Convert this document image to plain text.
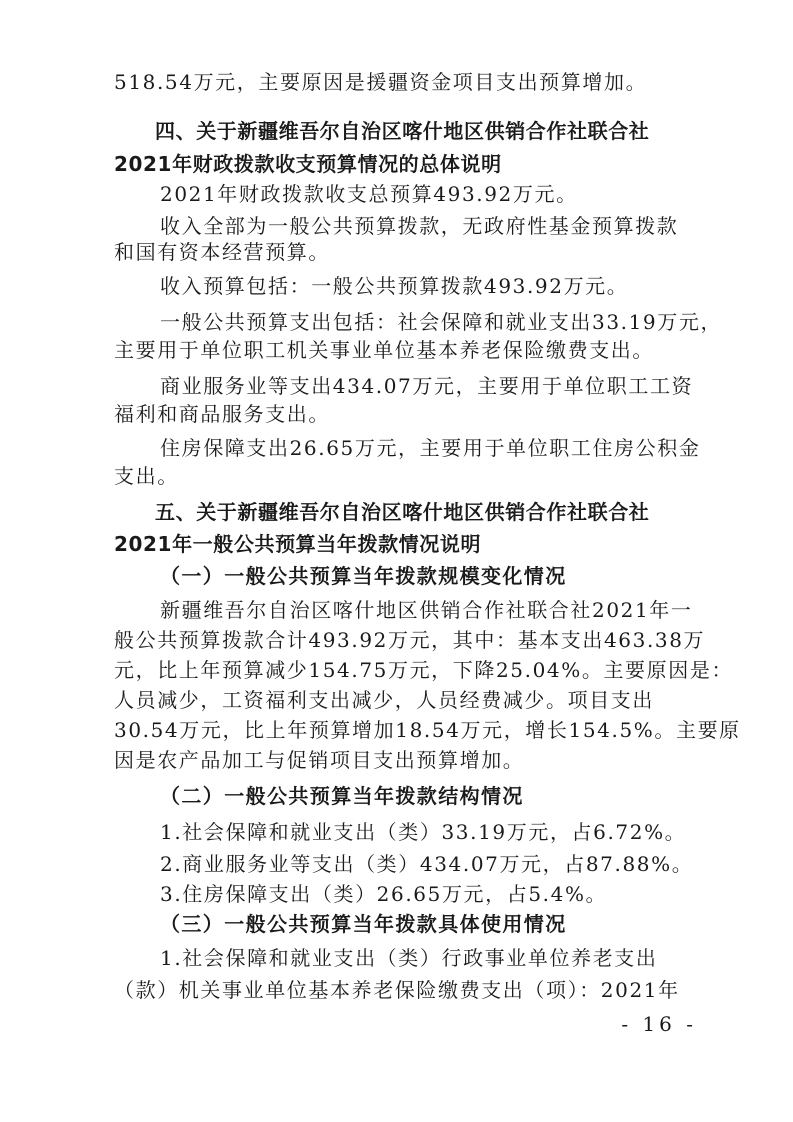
518.54万元，主要原因是援疆资金项目支出预算增加。
四、关于新疆维吾尔自治区喀什地区供销合作社联合社
2021年财政拨款收支预算情况的总体说明
2021年财政拨款收支总预算493.92万元。
收入全部为一般公共预算拨款，无政府性基金预算拨款
和国有资本经营预算。
收入预算包括：一般公共预算拨款493.92万元。
一般公共预算支出包括：社会保障和就业支出33.19万元，
主要用于单位职工机关事业单位基本养老保险缴费支出。
商业服务业等支出434.07万元，主要用于单位职工工资
福利和商品服务支出。
住房保障支出26.65万元，主要用于单位职工住房公积金
支出。
五、关于新疆维吾尔自治区喀什地区供销合作社联合社
2021年一般公共预算当年拨款情况说明
（一）一般公共预算当年拨款规模变化情况
新疆维吾尔自治区喀什地区供销合作社联合社2021年一
般公共预算拨款合计493.92万元，其中：基本支出463.38万
元，比上年预算减少154.75万元，下降25.04%。主要原因是：
人员减少，工资福利支出减少，人员经费减少。项目支出
30.54万元，比上年预算增加18.54万元，增长154.5%。主要原
因是农产品加工与促销项目支出预算增加。
（二）一般公共预算当年拨款结构情况
1.社会保障和就业支出（类）33.19万元，占6.72%。
2.商业服务业等支出（类）434.07万元，占87.88%。
3.住房保障支出（类）26.65万元，占5.4%。
（三）一般公共预算当年拨款具体使用情况
1.社会保障和就业支出（类）行政事业单位养老支出
（款）机关事业单位基本养老保险缴费支出（项）：2021年
- 16 -
